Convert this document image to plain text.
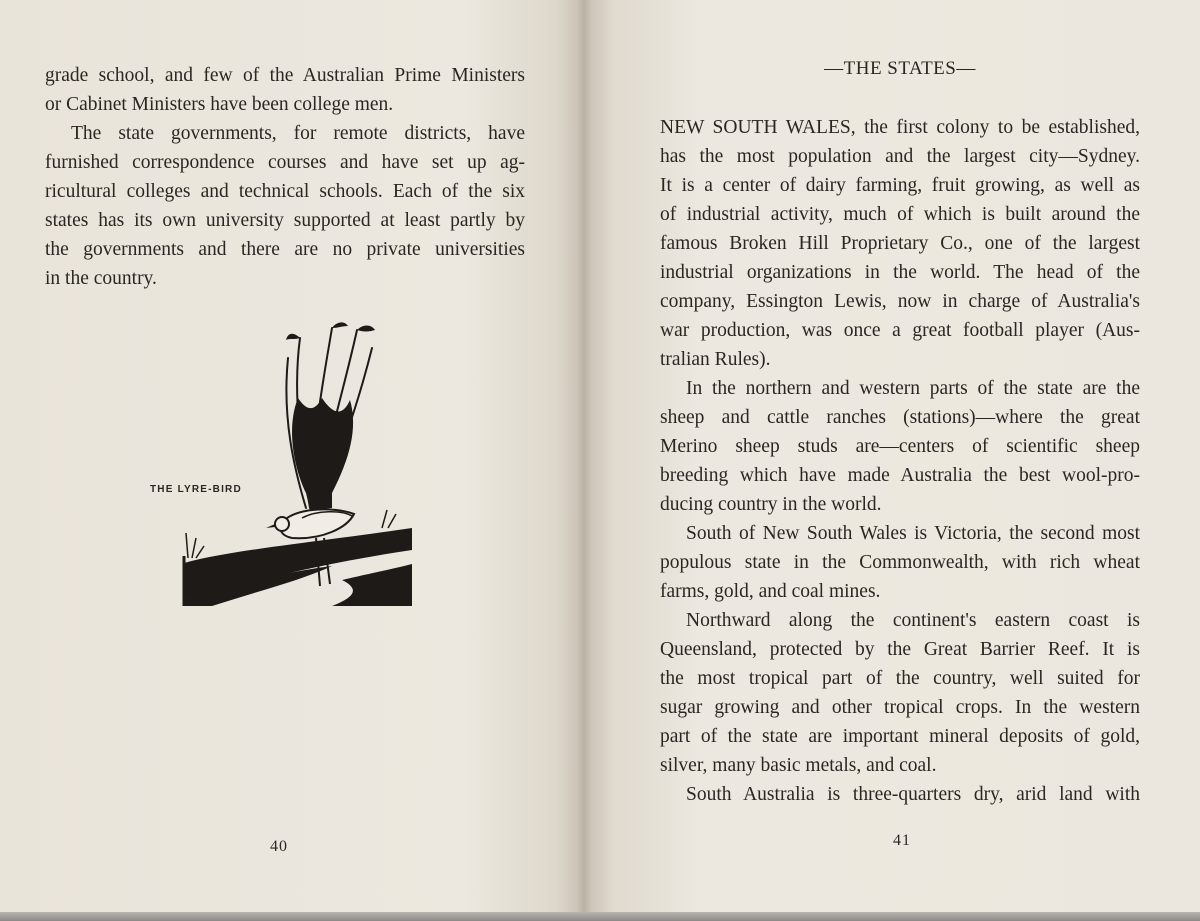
grade school, and few of the Australian Prime Ministers
or Cabinet Ministers have been college men.
The state governments, for remote districts, have
furnished correspondence courses and have set up ag-
ricultural colleges and technical schools. Each of the six
states has its own university supported at least partly by
the governments and there are no private universities
in the country.
THE LYRE-BIRD
40
—THE STATES—
NEW SOUTH WALES, the first colony to be established,
has the most population and the largest city—Sydney.
It is a center of dairy farming, fruit growing, as well as
of industrial activity, much of which is built around the
famous Broken Hill Proprietary Co., one of the largest
industrial organizations in the world. The head of the
company, Essington Lewis, now in charge of Australia's
war production, was once a great football player (Aus-
tralian Rules).
In the northern and western parts of the state are the
sheep and cattle ranches (stations)—where the great
Merino sheep studs are—centers of scientific sheep
breeding which have made Australia the best wool-pro-
ducing country in the world.
South of New South Wales is Victoria, the second most
populous state in the Commonwealth, with rich wheat
farms, gold, and coal mines.
Northward along the continent's eastern coast is
Queensland, protected by the Great Barrier Reef. It is
the most tropical part of the country, well suited for
sugar growing and other tropical crops. In the western
part of the state are important mineral deposits of gold,
silver, many basic metals, and coal.
South Australia is three-quarters dry, arid land with
41
